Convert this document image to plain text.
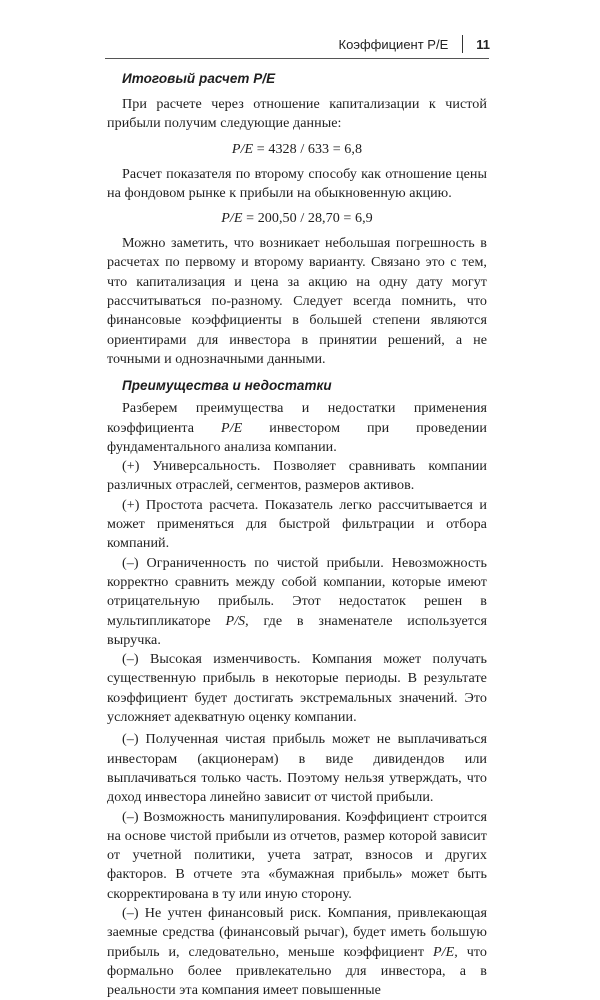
Коэффициент P/E 11
Итоговый расчет P/E

При расчете через отношение капитализации к чистой прибыли получим следующие данные:

P/E = 4328 / 633 = 6,8

Расчет показателя по второму способу как отношение цены на фондовом рынке к прибыли на обыкновенную акцию.

P/E = 200,50 / 28,70 = 6,9

Можно заметить, что возникает небольшая погрешность в расчетах по первому и второму варианту. Связано это с тем, что капитализация и цена за акцию на одну дату могут рассчитываться по-разному. Следует всегда помнить, что финансовые коэффициенты в большей степени являются ориентирами для инвестора в принятии решений, а не точными и однозначными данными.

Преимущества и недостатки

Разберем преимущества и недостатки применения коэффициента P/E инвестором при проведении фундаментального анализа компании.

(+) Универсальность. Позволяет сравнивать компании различных отраслей, сегментов, размеров активов.

(+) Простота расчета. Показатель легко рассчитывается и может применяться для быстрой фильтрации и отбора компаний.

(–) Ограниченность по чистой прибыли. Невозможность корректно сравнить между собой компании, которые имеют отрицательную прибыль. Этот недостаток решен в мультипликаторе P/S, где в знаменателе используется выручка.

(–) Высокая изменчивость. Компания может получать существенную прибыль в некоторые периоды. В результате коэффициент будет достигать экстремальных значений. Это усложняет адекватную оценку компании.

(–) Полученная чистая прибыль может не выплачиваться инвесторам (акционерам) в виде дивидендов или выплачиваться только часть. Поэтому нельзя утверждать, что доход инвестора линейно зависит от чистой прибыли.

(–) Возможность манипулирования. Коэффициент строится на основе чистой прибыли из отчетов, размер которой зависит от учетной политики, учета затрат, взносов и других факторов. В отчете эта «бумажная прибыль» может быть скорректирована в ту или иную сторону.

(–) Не учтен финансовый риск. Компания, привлекающая заемные средства (финансовый рычаг), будет иметь большую прибыль и, следовательно, меньше коэффициент P/E, что формально более привлекательно для инвестора, а в реальности эта компания имеет повышенные
